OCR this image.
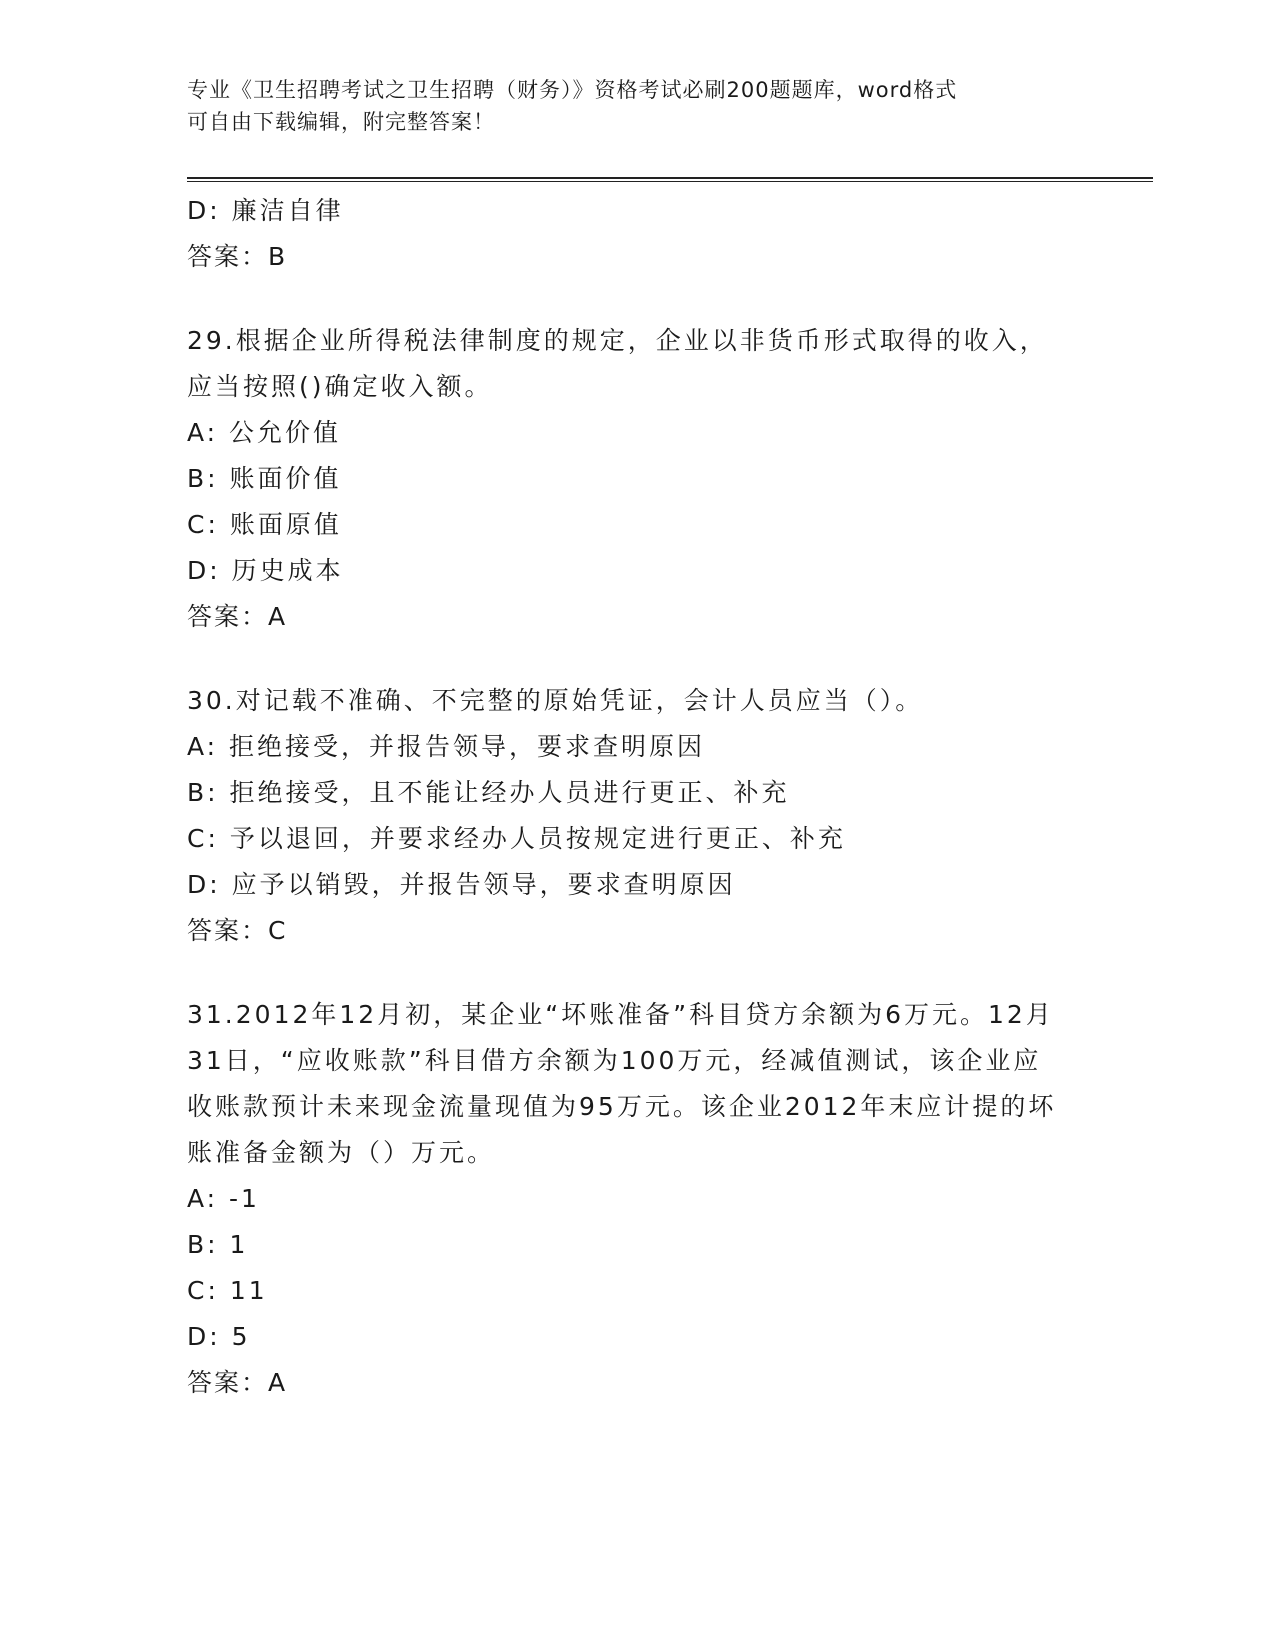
专业《卫生招聘考试之卫生招聘（财务）》资格考试必刷200题题库，word格式
可自由下载编辑，附完整答案！
D: 廉洁自律
答案：B
29.根据企业所得税法律制度的规定，企业以非货币形式取得的收入，应当按照()确定收入额。
A: 公允价值
B: 账面价值
C: 账面原值
D: 历史成本
答案：A
30.对记载不准确、不完整的原始凭证，会计人员应当（）。
A: 拒绝接受，并报告领导，要求查明原因
B: 拒绝接受，且不能让经办人员进行更正、补充
C: 予以退回，并要求经办人员按规定进行更正、补充
D: 应予以销毁，并报告领导，要求查明原因
答案：C
31.2012年12月初，某企业“坏账准备”科目贷方余额为6万元。12月31日，“应收账款”科目借方余额为100万元，经减值测试，该企业应收账款预计未来现金流量现值为95万元。该企业2012年末应计提的坏账准备金额为（）万元。
A: -1
B: 1
C: 11
D: 5
答案：A
